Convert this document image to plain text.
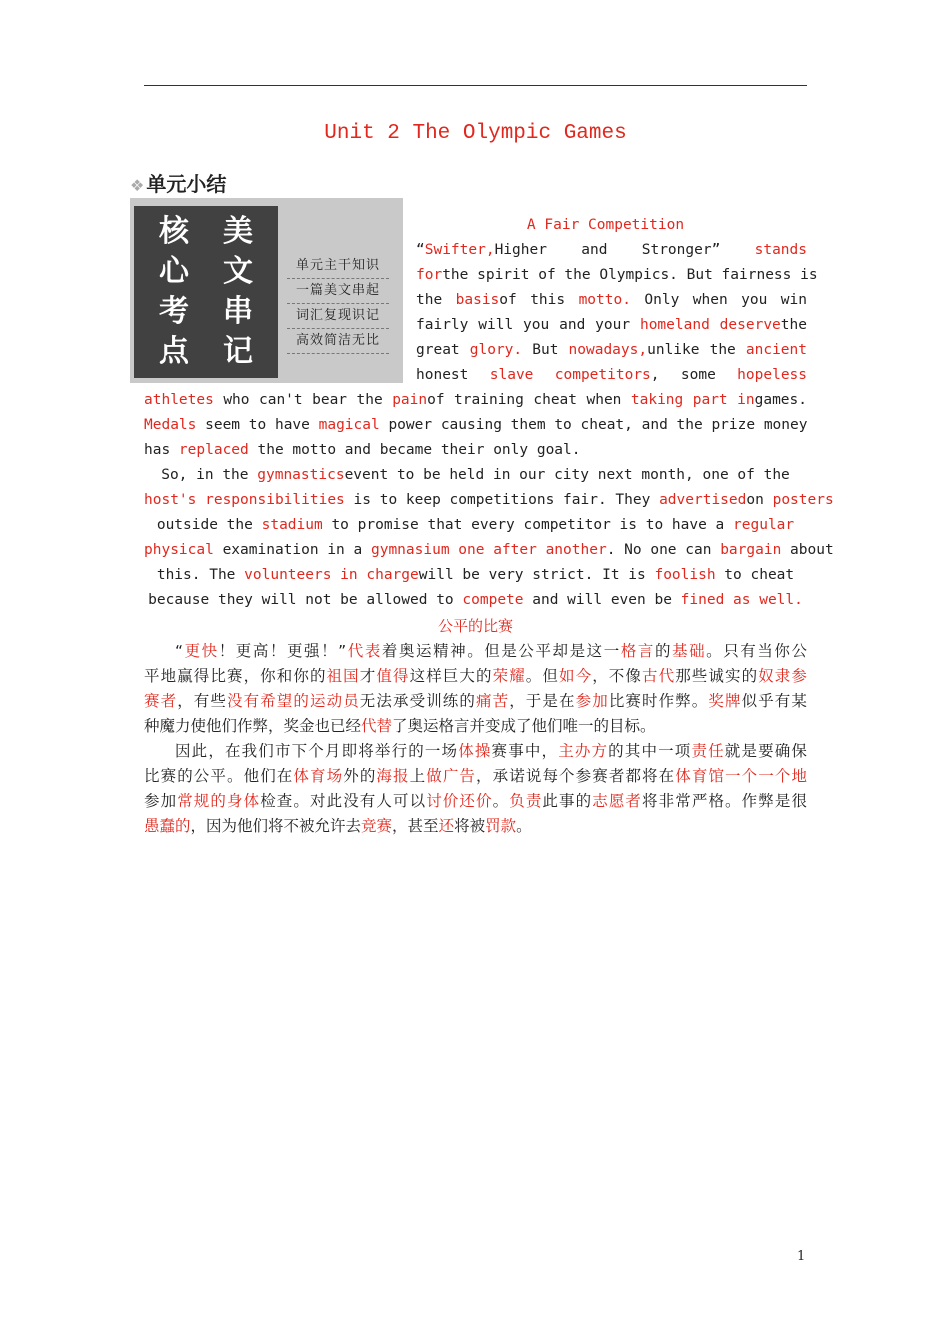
Unit 2 The Olympic Games
❖ 单元小结
核	美
心	文
考	串
点	记
单元主干知识
一篇美文串起
词汇复现识记
高效简洁无比
A Fair Competition
“Swifter,Higher and Stronger” stands
forthe spirit of the Olympics. But fairness is
the basisof this motto. Only when you win
fairly will you and your homeland deservethe
great glory. But nowadays,unlike the ancient
honest slave competitors, some hopeless
athletes who can't bear the painof training cheat when taking part ingames.
Medals seem to have magical power causing them to cheat, and the prize money
has replaced the motto and became their only goal.
So, in the gymnasticsevent to be held in our city next month, one of the
host's responsibilities is to keep competitions fair. They advertisedon posters
outside the stadium to promise that every competitor is to have a regular
physical examination in a gymnasium one after another. No one can bargain about
this. The volunteers in chargewill be very strict. It is foolish to cheat
because they will not be allowed to compete and will even be fined as well.
公平的比赛
“更快！更高！更强！”代表着奥运精神。但是公平却是这一格言的基础。只有当你公
平地赢得比赛，你和你的祖国才值得这样巨大的荣耀。但如今，不像古代那些诚实的奴隶参
赛者，有些没有希望的运动员无法承受训练的痛苦，于是在参加比赛时作弊。奖牌似乎有某
种魔力使他们作弊，奖金也已经代替了奥运格言并变成了他们唯一的目标。
因此，在我们市下个月即将举行的一场体操赛事中，主办方的其中一项责任就是要确保
比赛的公平。他们在体育场外的海报上做广告，承诺说每个参赛者都将在体育馆一个一个地
参加常规的身体检查。对此没有人可以讨价还价。负责此事的志愿者将非常严格。作弊是很
愚蠢的，因为他们将不被允许去竞赛，甚至还将被罚款。
1
